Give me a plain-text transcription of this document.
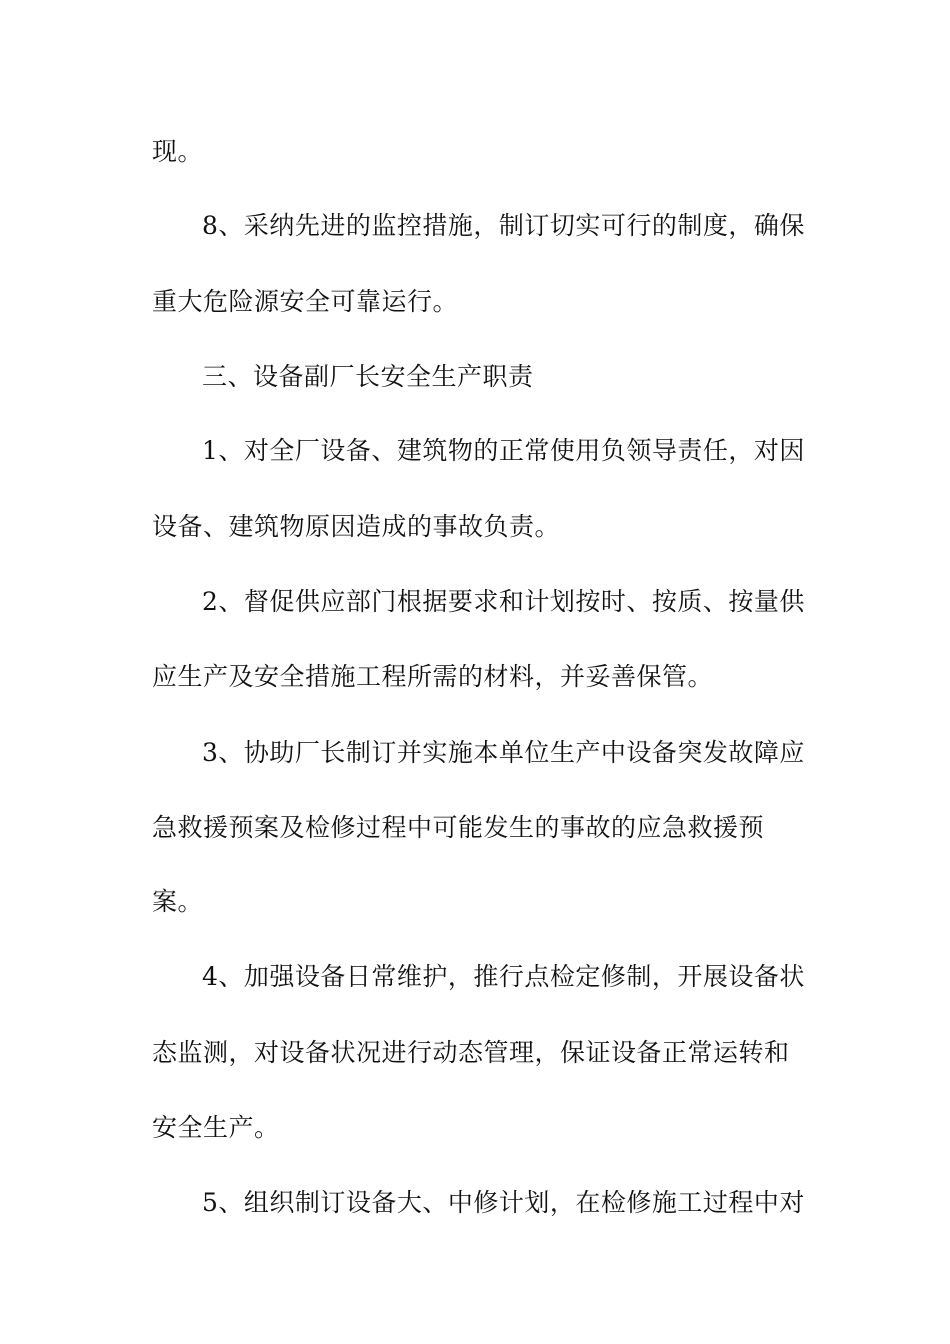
现。
8、采纳先进的监控措施，制订切实可行的制度，确保
重大危险源安全可靠运行。
三、设备副厂长安全生产职责
1、对全厂设备、建筑物的正常使用负领导责任，对因
设备、建筑物原因造成的事故负责。
2、督促供应部门根据要求和计划按时、按质、按量供
应生产及安全措施工程所需的材料，并妥善保管。
3、协助厂长制订并实施本单位生产中设备突发故障应
急救援预案及检修过程中可能发生的事故的应急救援预
案。
4、加强设备日常维护，推行点检定修制，开展设备状
态监测，对设备状况进行动态管理，保证设备正常运转和
安全生产。
5、组织制订设备大、中修计划，在检修施工过程中对
